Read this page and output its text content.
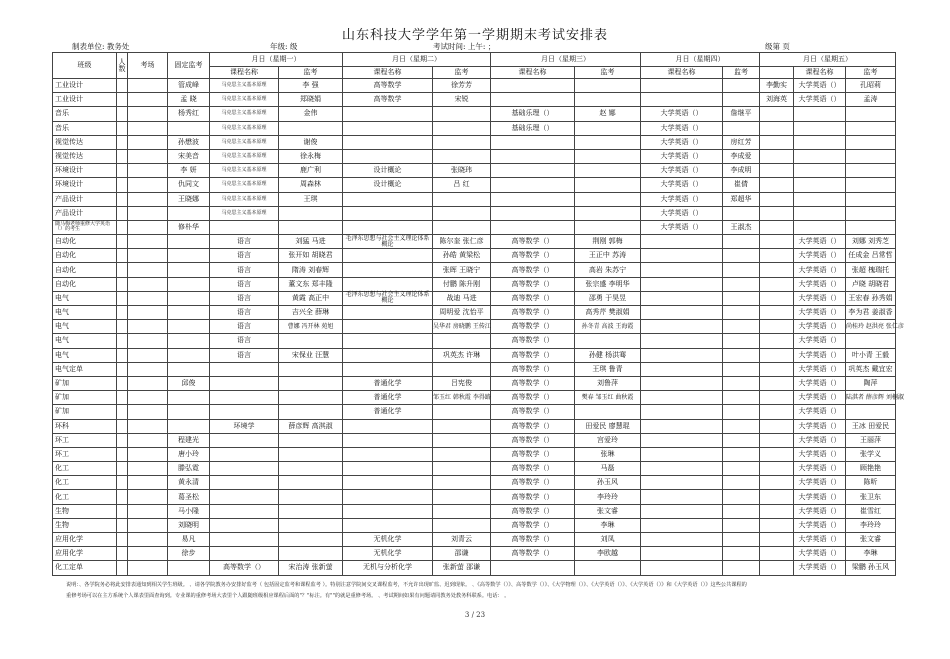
山东科技大学学年第一学期期末考试安排表
制表单位: 教务处	年级: 级	考试时间: 上午: ；	级第 页
班级	人数	考场	固定监考	月日（星期一）		月日（星期二）		月日（星期三）		月日（星期四）		月日（星期五）		
				课程名称	监考	课程名称	监考	课程名称	监考	课程名称	监考		课程名称	监考
工业设计			管成峰	马克思主义基本原理	李 强	高等数学	徐芳芳					李勤实	大学英语（）	孔昭莉
工业设计			孟 晓	马克思主义基本原理	郑晓娟	高等数学	宋锐					刘海英	大学英语（）	孟涛
音乐			杨秀红	马克思主义基本原理	金伟			基础乐理（）	赵 娜	大学英语（）	詹继平			
音乐				马克思主义基本原理				基础乐理（）		大学英语（）				
视觉传达			孙懋波	马克思主义基本原理	谢俊					大学英语（）	房红芳			
视觉传达			宋美音	马克思主义基本原理	徐永梅					大学英语（）	李成爱			
环境设计			李 妍	马克思主义基本原理	鹿广利	设计概论	张晓玮			大学英语（）	李成明			
环境设计			仇同文	马克思主义基本原理	周森林	设计概论	吕 红			大学英语（）	崔倩			
产品设计			王晓娜	马克思主义基本原理	王琪					大学英语（）	郑超华			
产品设计				马克思主义基本原理						大学英语（）				
随马梅老师重修大学英语（）的考生			修朴华							大学英语（）	王淑杰			
自动化				语言	刘猛 马进	毛泽东思想与社会主义理论体系概论	陈尔奎 张仁彦	高等数学（）	荆刚 郭梅				大学英语（）	刘娜 刘秀芝
自动化				语言	张开如 胡晓君		孙皓 黄梁松	高等数学（）	王正中 苏涛				大学英语（）	任成金 吕常哲
自动化				语言	隋涛 刘春辉		张晖 王晓宁	高等数学（）	高岩 朱苏宁				大学英语（）	张超 槐瑞托
自动化				语言	董文东 郑丰隆		付鹏 陈升刚	高等数学（）	张宗盛 李明华				大学英语（）	卢晓 胡晓君
电气				语言	黄霞 高正中	毛泽东思想与社会主义理论体系概论	战迪 马进	高等数学（）	邵勇 于昊昱				大学英语（）	王宏春 孙秀娟
电气				语言	吉兴全 薛琳		周明爱 沈怡平	高等数学（）	高秀芹 樊淑娟				大学英语（）	李为君 姜淑香
电气				语言	曹娜 冯开林 苑旭		吴华君 房晓鹏 王传江	高等数学（）	孙冬青 高波 王海霞				大学英语（）	尚桂玲 赵洪亮 张仁彦
电气				语言				高等数学（）					大学英语（）	
电气				语言	宋保业 汪慧		巩英杰 许琳	高等数学（）	孙健 杨洪骞				大学英语（）	叶小青 王毅
电气定单								高等数学（）	王琪 鲁青				大学英语（）	巩英杰 戴宜宏
矿加			邱俊			普通化学	吕宪俊	高等数学（）	刘鲁萍				大学英语（）	陶萍
矿加						普通化学	邹玉红 韩秋霞 李得路	高等数学（）	樊春 邹玉红 曲秋霞				大学英语（）	陆淇者 薛彦辉 刘桐淑
矿加						普通化学		高等数学（）					大学英语（）	
环科				环境学	薛彦辉 高淇淑			高等数学（）	田爱民 廖慧琨				大学英语（）	王冰 田爱民
环工			程建光					高等数学（）	宫爱玲				大学英语（）	王丽萍
环工			唐小玲					高等数学（）	张琳				大学英语（）	张学义
化工			滕弘霓					高等数学（）	马磊				大学英语（）	顾艳艳
化工			黄永清					高等数学（）	孙玉风				大学英语（）	陈昕
化工			葛圣松					高等数学（）	李玲玲				大学英语（）	张卫东
生物			马小隆					高等数学（）	张文睿				大学英语（）	崔雪红
生物			刘晓明					高等数学（）	李琳				大学英语（）	李玲玲
应用化学			易凡			无机化学	刘青云	高等数学（）	刘凤				大学英语（）	张文睿
应用化学			徐步			无机化学	邵谦	高等数学（）	李欧越				大学英语（）	李琳
化工定单				高等数学（）	宋治涛 张新萤	无机与分析化学	张新萤 邵谦						大学英语（）	梁鹏 孙玉风
说明：、各学院务必将此安排表通知到相关学生班级。 、请各学院教务办安排好监考（ 包括固定监考和课程监考 ）。特别注意学院间交叉课程监考，不允许出现旷监、迟到现象。 、《高等数学（）》、高等数学（）》、《大学物理（）》、《大学英语（）》、《大学英语（）》和《大学英语（）》这些公共课程的
重修考场可以在主方系统个人课表里面查询到。专业课的重修考场大表里个人跟随班级相应课程后面的"？"标注。有""的就是重修考场。 、考试期间如果有问题请同教务处教务科联系。电话： 。
3 / 23
